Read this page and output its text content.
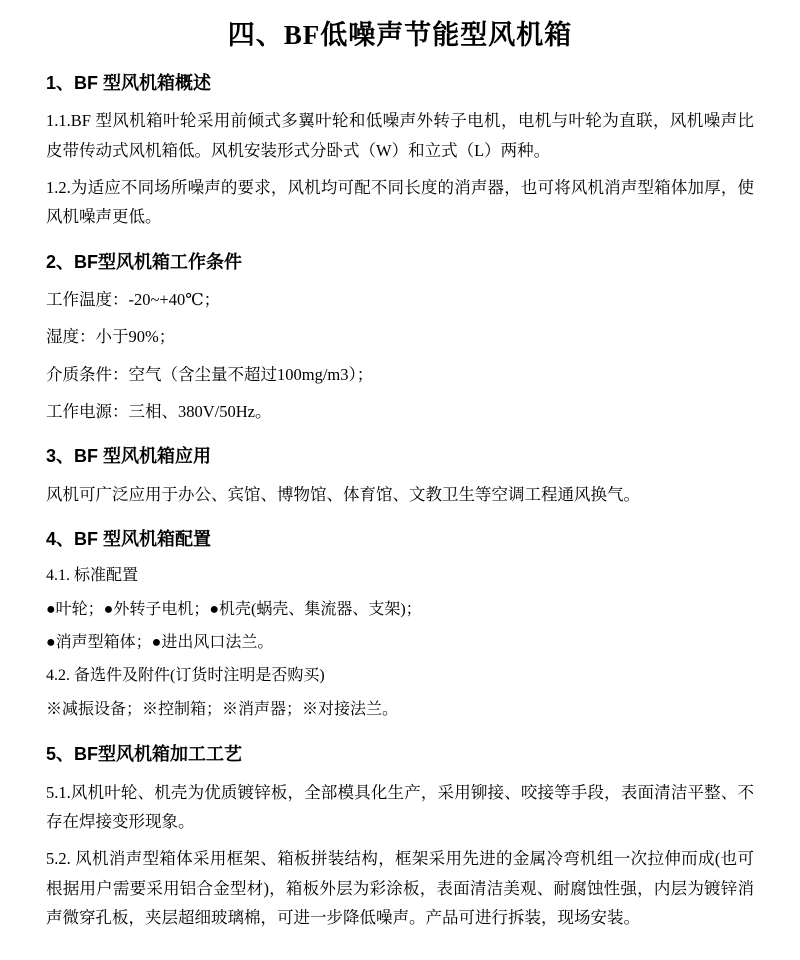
四、BF低噪声节能型风机箱
1、BF 型风机箱概述

1.1.BF 型风机箱叶轮采用前倾式多翼叶轮和低噪声外转子电机，电机与叶轮为直联，风机噪声比皮带传动式风机箱低。风机安装形式分卧式（W）和立式（L）两种。

1.2.为适应不同场所噪声的要求，风机均可配不同长度的消声器，也可将风机消声型箱体加厚，使风机噪声更低。

2、BF型风机箱工作条件

工作温度：-20~+40℃；

湿度：小于90%；

介质条件：空气（含尘量不超过100mg/m3）；

工作电源：三相、380V/50Hz。

3、BF 型风机箱应用

风机可广泛应用于办公、宾馆、博物馆、体育馆、文教卫生等空调工程通风换气。

4、BF 型风机箱配置

4.1. 标准配置

●叶轮；●外转子电机；●机壳(蜗壳、集流器、支架)；

●消声型箱体；●进出风口法兰。

4.2. 备选件及附件(订货时注明是否购买)

※减振设备；※控制箱；※消声器；※对接法兰。

5、BF型风机箱加工工艺

5.1.风机叶轮、机壳为优质镀锌板，全部模具化生产，采用铆接、咬接等手段，表面清洁平整、不存在焊接变形现象。

5.2. 风机消声型箱体采用框架、箱板拼装结构，框架采用先进的金属冷弯机组一次拉伸而成(也可根据用户需要采用铝合金型材)，箱板外层为彩涂板，表面清洁美观、耐腐蚀性强，内层为镀锌消声微穿孔板，夹层超细玻璃棉，可进一步降低噪声。产品可进行拆装，现场安装。
